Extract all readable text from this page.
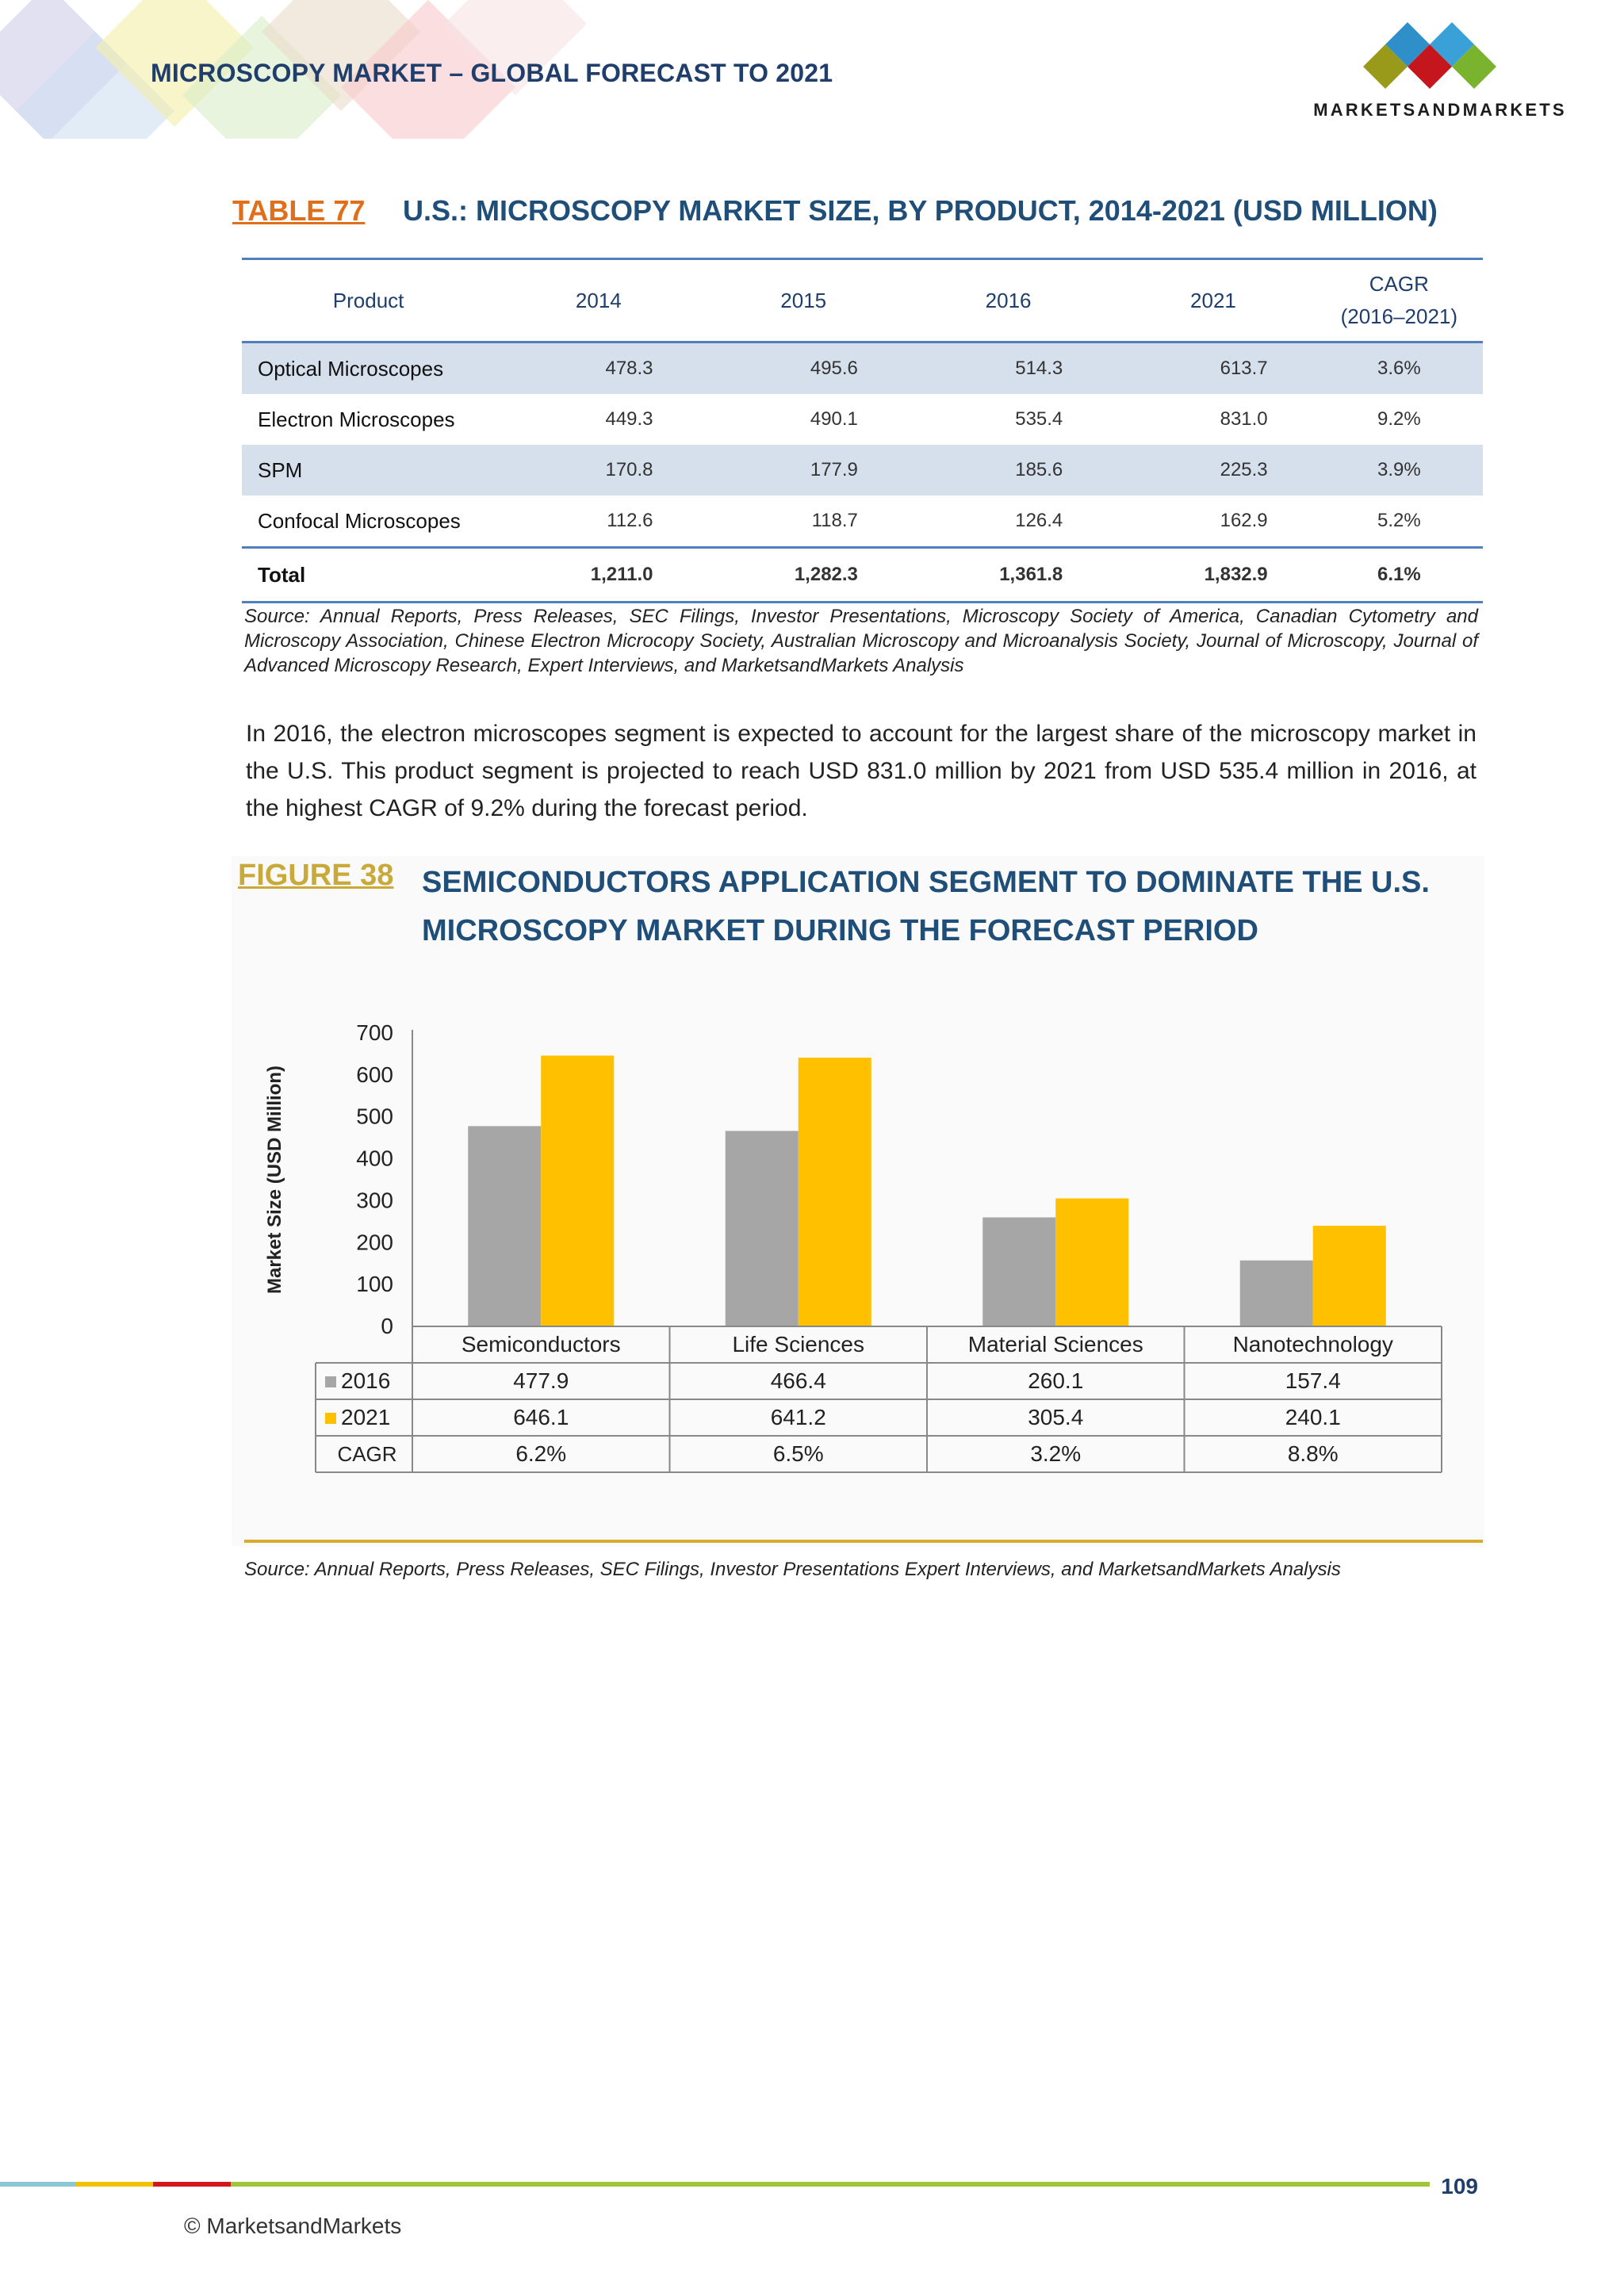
MICROSCOPY MARKET – GLOBAL FORECAST TO 2021
MARKETSANDMARKETS
TABLE 77 U.S.: MICROSCOPY MARKET SIZE, BY PRODUCT, 2014-2021 (USD MILLION)
Product	2014	2015	2016	2021	CAGR
(2016–2021)

Optical Microscopes	478.3	495.6	514.3	613.7	3.6%
Electron Microscopes	449.3	490.1	535.4	831.0	9.2%
SPM	170.8	177.9	185.6	225.3	3.9%
Confocal Microscopes	112.6	118.7	126.4	162.9	5.2%
Total	1,211.0	1,282.3	1,361.8	1,832.9	6.1%
Source: Annual Reports, Press Releases, SEC Filings, Investor Presentations, Microscopy Society of America, Canadian Cytometry and Microscopy Association, Chinese Electron Microcopy Society, Australian Microscopy and Microanalysis Society, Journal of Microscopy, Journal of Advanced Microscopy Research, Expert Interviews, and MarketsandMarkets Analysis
In 2016, the electron microscopes segment is expected to account for the largest share of the microscopy market in the U.S. This product segment is projected to reach USD 831.0 million by 2021 from USD 535.4 million in 2016, at the highest CAGR of 9.2% during the forecast period.
FIGURE 38 SEMICONDUCTORS APPLICATION SEGMENT TO DOMINATE THE U.S.
MICROSCOPY MARKET DURING THE FORECAST PERIOD
Market Size (USD Million)
0
100
200
300
400
500
600
700
Semiconductors	Life Sciences	Material Sciences	Nanotechnology
2016	477.9	466.4	260.1	157.4
2021	646.1	641.2	305.4	240.1
CAGR	6.2%	6.5%	3.2%	8.8%
Source: Annual Reports, Press Releases, SEC Filings, Investor Presentations Expert Interviews, and MarketsandMarkets Analysis
109
© MarketsandMarkets
